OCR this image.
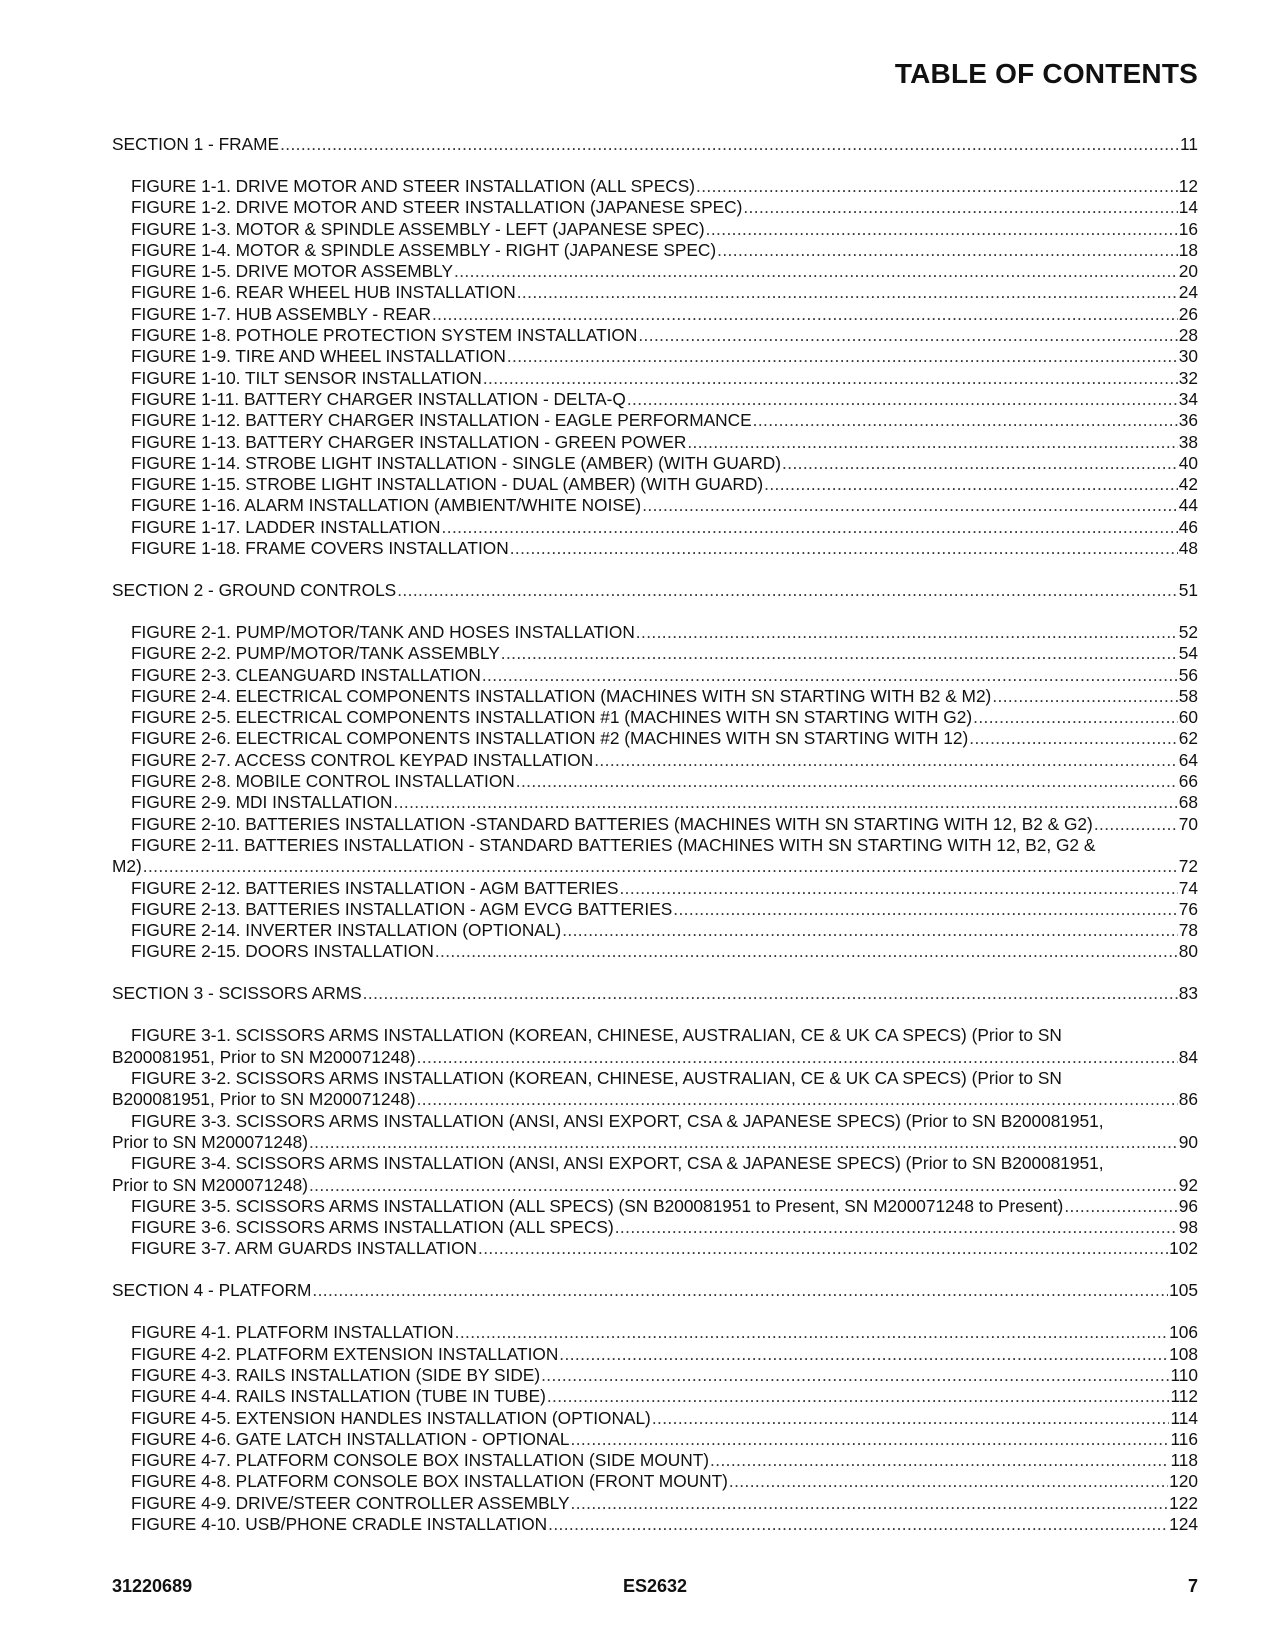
TABLE OF CONTENTS
SECTION 1 - FRAME .....	11
FIGURE 1-1. DRIVE MOTOR AND STEER INSTALLATION (ALL SPECS) .....	12
FIGURE 1-2. DRIVE MOTOR AND STEER INSTALLATION (JAPANESE SPEC) .....	14
FIGURE 1-3. MOTOR & SPINDLE ASSEMBLY - LEFT (JAPANESE SPEC) .....	16
FIGURE 1-4. MOTOR & SPINDLE ASSEMBLY - RIGHT (JAPANESE SPEC) .....	18
FIGURE 1-5. DRIVE MOTOR ASSEMBLY .....	20
FIGURE 1-6. REAR WHEEL HUB INSTALLATION .....	24
FIGURE 1-7. HUB ASSEMBLY - REAR .....	26
FIGURE 1-8. POTHOLE PROTECTION SYSTEM INSTALLATION .....	28
FIGURE 1-9. TIRE AND WHEEL INSTALLATION .....	30
FIGURE 1-10. TILT SENSOR INSTALLATION .....	32
FIGURE 1-11. BATTERY CHARGER INSTALLATION - DELTA-Q .....	34
FIGURE 1-12. BATTERY CHARGER INSTALLATION - EAGLE PERFORMANCE .....	36
FIGURE 1-13. BATTERY CHARGER INSTALLATION - GREEN POWER .....	38
FIGURE 1-14. STROBE LIGHT INSTALLATION - SINGLE (AMBER) (WITH GUARD) .....	40
FIGURE 1-15. STROBE LIGHT INSTALLATION - DUAL (AMBER) (WITH GUARD) .....	42
FIGURE 1-16. ALARM INSTALLATION (AMBIENT/WHITE NOISE) .....	44
FIGURE 1-17. LADDER INSTALLATION .....	46
FIGURE 1-18. FRAME COVERS INSTALLATION .....	48
SECTION 2 - GROUND CONTROLS .....	51
FIGURE 2-1. PUMP/MOTOR/TANK AND HOSES INSTALLATION .....	52
FIGURE 2-2. PUMP/MOTOR/TANK ASSEMBLY .....	54
FIGURE 2-3. CLEANGUARD INSTALLATION .....	56
FIGURE 2-4. ELECTRICAL COMPONENTS INSTALLATION (MACHINES WITH SN STARTING WITH B2 & M2) .....	58
FIGURE 2-5. ELECTRICAL COMPONENTS INSTALLATION #1 (MACHINES WITH SN STARTING WITH G2) .....	60
FIGURE 2-6. ELECTRICAL COMPONENTS INSTALLATION #2 (MACHINES WITH SN STARTING WITH 12) .....	62
FIGURE 2-7. ACCESS CONTROL KEYPAD INSTALLATION .....	64
FIGURE 2-8. MOBILE CONTROL INSTALLATION .....	66
FIGURE 2-9. MDI INSTALLATION .....	68
FIGURE 2-10. BATTERIES INSTALLATION -STANDARD BATTERIES (MACHINES WITH SN STARTING WITH 12, B2 & G2) .....	70
FIGURE 2-11. BATTERIES INSTALLATION - STANDARD BATTERIES (MACHINES WITH SN STARTING WITH 12, B2, G2 &
M2) .....	72
FIGURE 2-12. BATTERIES INSTALLATION - AGM BATTERIES .....	74
FIGURE 2-13. BATTERIES INSTALLATION - AGM EVCG BATTERIES .....	76
FIGURE 2-14. INVERTER INSTALLATION (OPTIONAL) .....	78
FIGURE 2-15. DOORS INSTALLATION .....	80
SECTION 3 - SCISSORS ARMS .....	83
FIGURE 3-1. SCISSORS ARMS INSTALLATION (KOREAN, CHINESE, AUSTRALIAN, CE & UK CA SPECS) (Prior to SN
B200081951, Prior to SN M200071248) .....	84
FIGURE 3-2. SCISSORS ARMS INSTALLATION (KOREAN, CHINESE, AUSTRALIAN, CE & UK CA SPECS) (Prior to SN
B200081951, Prior to SN M200071248) .....	86
FIGURE 3-3. SCISSORS ARMS INSTALLATION (ANSI, ANSI EXPORT, CSA & JAPANESE SPECS) (Prior to SN B200081951,
Prior to SN M200071248) .....	90
FIGURE 3-4. SCISSORS ARMS INSTALLATION (ANSI, ANSI EXPORT, CSA & JAPANESE SPECS) (Prior to SN B200081951,
Prior to SN M200071248) .....	92
FIGURE 3-5. SCISSORS ARMS INSTALLATION (ALL SPECS) (SN B200081951 to Present, SN M200071248 to Present) .....	96
FIGURE 3-6. SCISSORS ARMS INSTALLATION (ALL SPECS) .....	98
FIGURE 3-7. ARM GUARDS INSTALLATION .....	102
SECTION 4 - PLATFORM .....	105
FIGURE 4-1. PLATFORM INSTALLATION .....	106
FIGURE 4-2. PLATFORM EXTENSION INSTALLATION .....	108
FIGURE 4-3. RAILS INSTALLATION (SIDE BY SIDE) .....	110
FIGURE 4-4. RAILS INSTALLATION (TUBE IN TUBE) .....	112
FIGURE 4-5. EXTENSION HANDLES INSTALLATION (OPTIONAL) .....	114
FIGURE 4-6. GATE LATCH INSTALLATION - OPTIONAL .....	116
FIGURE 4-7. PLATFORM CONSOLE BOX INSTALLATION (SIDE MOUNT) .....	118
FIGURE 4-8. PLATFORM CONSOLE BOX INSTALLATION (FRONT MOUNT) .....	120
FIGURE 4-9. DRIVE/STEER CONTROLLER ASSEMBLY .....	122
FIGURE 4-10. USB/PHONE CRADLE INSTALLATION .....	124
31220689	ES2632	7
